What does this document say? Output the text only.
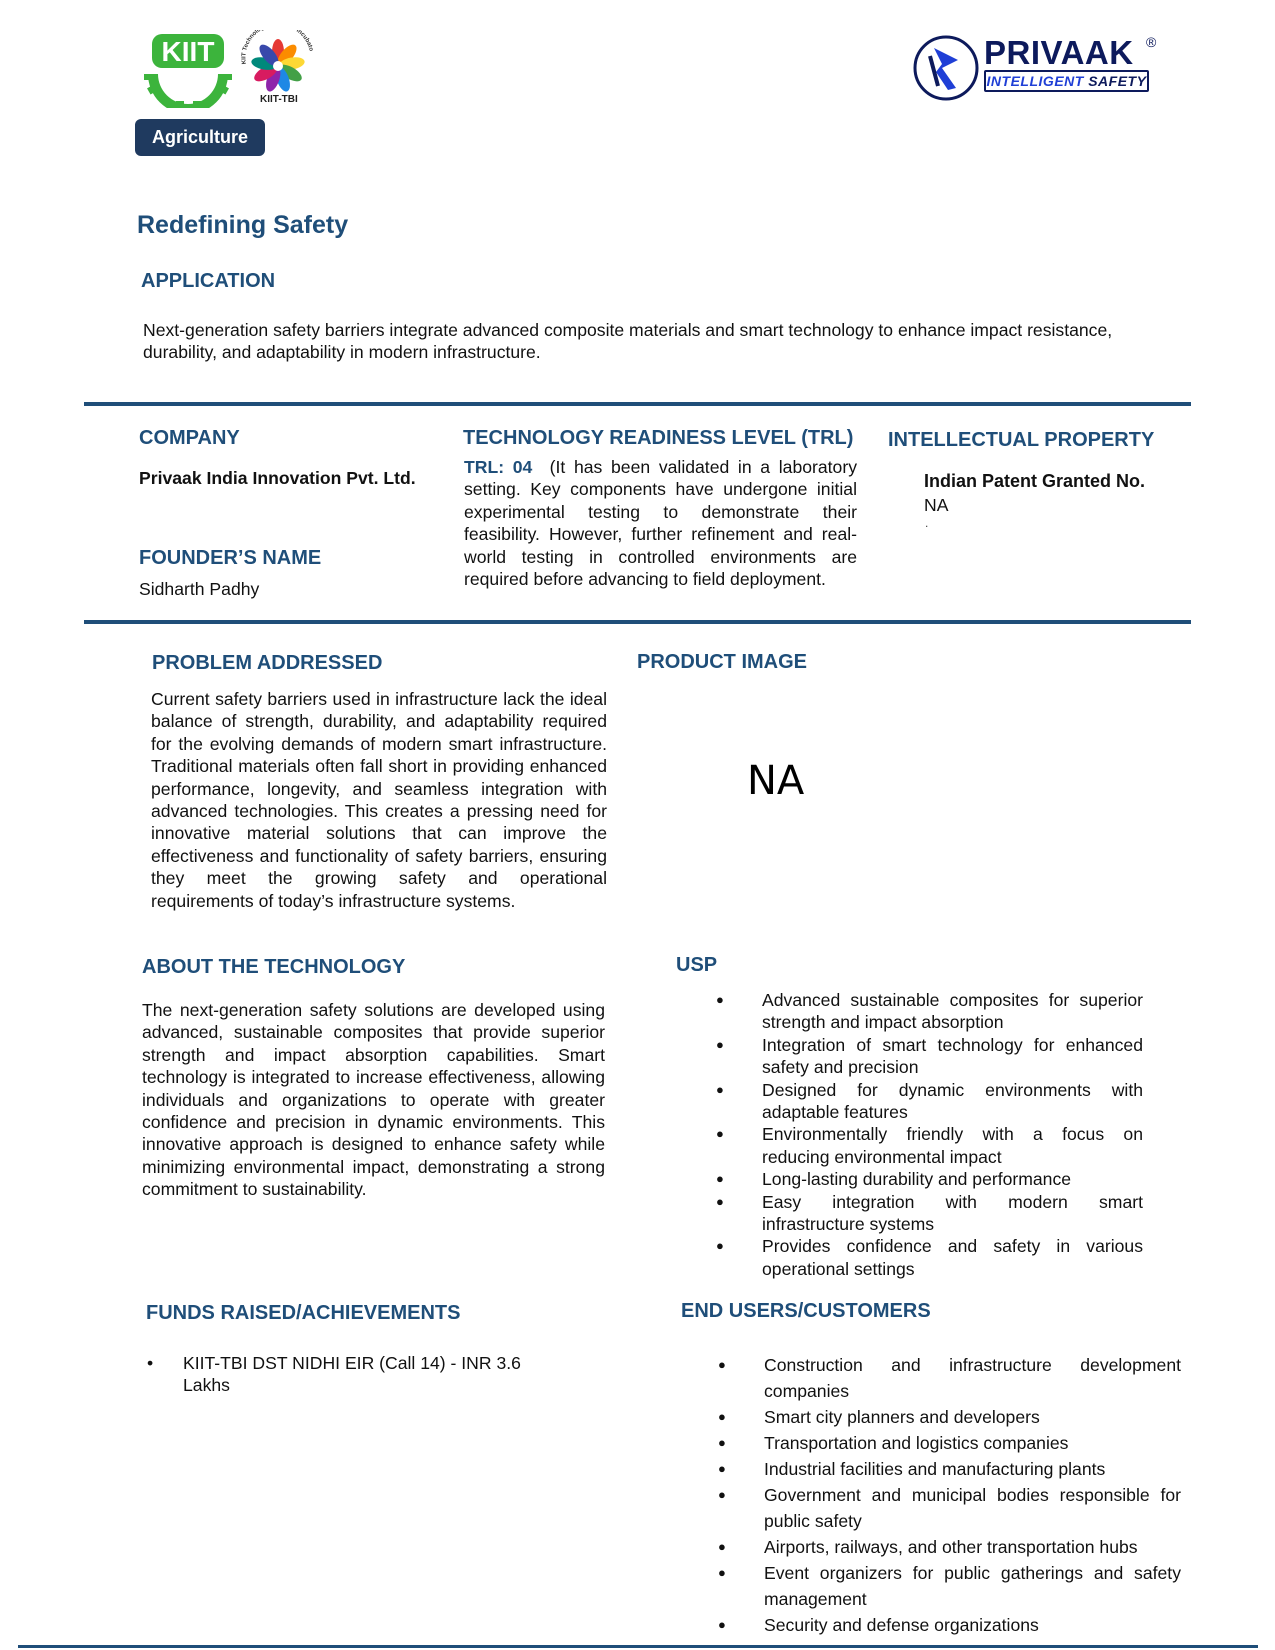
KIIT	KIIT Technolo Incubato
KIIT-TBI
PRIVAAK ®
INTELLIGENT SAFETY
Agriculture
Redefining Safety
APPLICATION
Next-generation safety barriers integrate advanced composite materials and smart technology to enhance impact resistance, durability, and adaptability in modern infrastructure.
COMPANY
Privaak India Innovation Pvt. Ltd.
FOUNDER’S NAME
Sidharth Padhy
TECHNOLOGY READINESS LEVEL (TRL)
TRL: 04 (It has been validated in a laboratory setting. Key components have undergone initial experimental testing to demonstrate their feasibility. However, further refinement and real-world testing in controlled environments are required before advancing to field deployment.
INTELLECTUAL PROPERTY
Indian Patent Granted No.
NA
.
PROBLEM ADDRESSED
Current safety barriers used in infrastructure lack the ideal balance of strength, durability, and adaptability required for the evolving demands of modern smart infrastructure. Traditional materials often fall short in providing enhanced performance, longevity, and seamless integration with advanced technologies. This creates a pressing need for innovative material solutions that can improve the effectiveness and functionality of safety barriers, ensuring they meet the growing safety and operational requirements of today’s infrastructure systems.
PRODUCT IMAGE
NA
ABOUT THE TECHNOLOGY
The next-generation safety solutions are developed using advanced, sustainable composites that provide superior strength and impact absorption capabilities. Smart technology is integrated to increase effectiveness, allowing individuals and organizations to operate with greater confidence and precision in dynamic environments. This innovative approach is designed to enhance safety while minimizing environmental impact, demonstrating a strong commitment to sustainability.
USP
● Advanced sustainable composites for superior strength and impact absorption
● Integration of smart technology for enhanced safety and precision
● Designed for dynamic environments with adaptable features
● Environmentally friendly with a focus on reducing environmental impact
● Long-lasting durability and performance
● Easy integration with modern smart infrastructure systems
● Provides confidence and safety in various operational settings
FUNDS RAISED/ACHIEVEMENTS
• KIIT-TBI DST NIDHI EIR (Call 14) - INR 3.6 Lakhs
END USERS/CUSTOMERS
● Construction and infrastructure development companies
● Smart city planners and developers
● Transportation and logistics companies
● Industrial facilities and manufacturing plants
● Government and municipal bodies responsible for public safety
● Airports, railways, and other transportation hubs
● Event organizers for public gatherings and safety management
● Security and defense organizations
